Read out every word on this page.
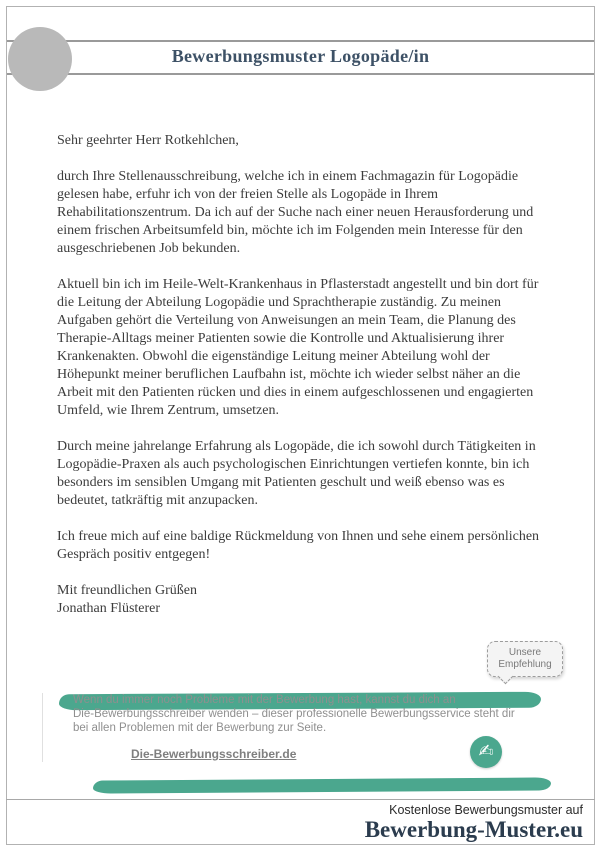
Bewerbungsmuster Logopäde/in

Sehr geehrter Herr Rotkehlchen,

durch Ihre Stellenausschreibung, welche ich in einem Fachmagazin für Logopädie gelesen habe, erfuhr ich von der freien Stelle als Logopäde in Ihrem Rehabilitationszentrum. Da ich auf der Suche nach einer neuen Herausforderung und einem frischen Arbeitsumfeld bin, möchte ich im Folgenden mein Interesse für den ausgeschriebenen Job bekunden.

Aktuell bin ich im Heile-Welt-Krankenhaus in Pflasterstadt angestellt und bin dort für die Leitung der Abteilung Logopädie und Sprachtherapie zuständig. Zu meinen Aufgaben gehört die Verteilung von Anweisungen an mein Team, die Planung des Therapie-Alltags meiner Patienten sowie die Kontrolle und Aktualisierung ihrer Krankenakten. Obwohl die eigenständige Leitung meiner Abteilung wohl der Höhepunkt meiner beruflichen Laufbahn ist, möchte ich wieder selbst näher an die Arbeit mit den Patienten rücken und dies in einem aufgeschlossenen und engagierten Umfeld, wie Ihrem Zentrum, umsetzen.

Durch meine jahrelange Erfahrung als Logopäde, die ich sowohl durch Tätigkeiten in Logopädie-Praxen als auch psychologischen Einrichtungen vertiefen konnte, bin ich besonders im sensiblen Umgang mit Patienten geschult und weiß ebenso was es bedeutet, tatkräftig mit anzupacken.

Ich freue mich auf eine baldige Rückmeldung von Ihnen und sehe einem persönlichen Gespräch positiv entgegen!

Mit freundlichen Grüßen
Jonathan Flüsterer

Unsere Empfehlung
Wenn du immer noch Probleme mit der Bewerbung hast, kannst du dich an
Die-Bewerbungsschreiber wenden – dieser professionelle Bewerbungsservice steht dir
bei allen Problemen mit der Bewerbung zur Seite.
Die-Bewerbungsschreiber.de	✍
Kostenlose Bewerbungsmuster auf
Bewerbung-Muster.eu
